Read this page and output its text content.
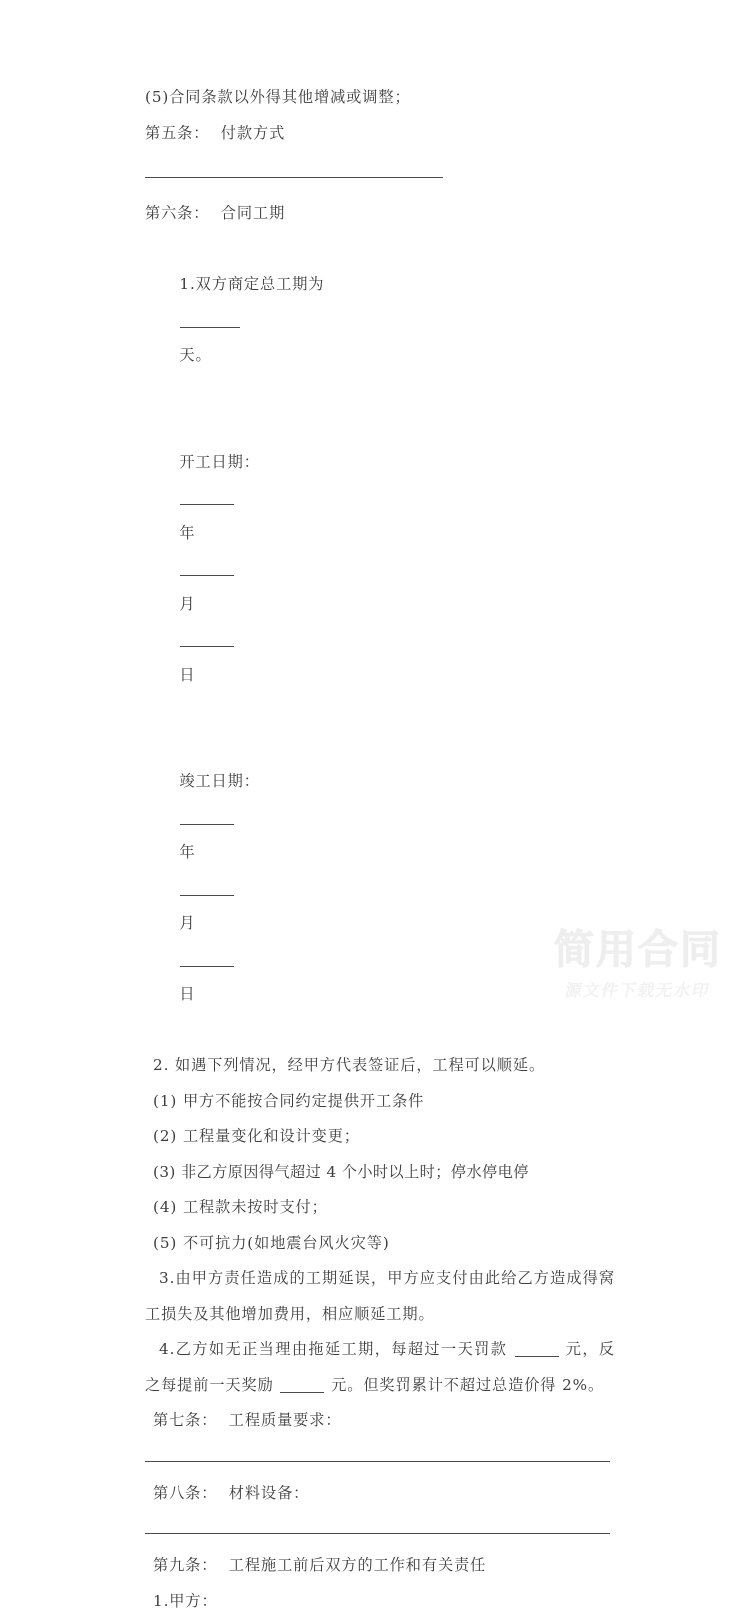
(5)合同条款以外得其他增减或调整；
第五条：  付款方式
第六条：  合同工期

1.双方商定总工期为

天。

开工日期：

年

月

日

竣工日期：

年

月

日

2. 如遇下列情况，经甲方代表签证后，工程可以顺延。
(1) 甲方不能按合同约定提供开工条件
(2) 工程量变化和设计变更；
(3) 非乙方原因得气超过 4 个小时以上时；停水停电停
(4) 工程款未按时支付；
(5) 不可抗力(如地震台风火灾等)
3.由甲方责任造成的工期延误，甲方应支付由此给乙方造成得窝工损失及其他增加费用，相应顺延工期。
4.乙方如无正当理由拖延工期，每超过一天罚款	元，反之每提前一天奖励	元。但奖罚累计不超过总造价得 2%。
第七条：  工程质量要求：
第八条：  材料设备：
第九条：  工程施工前后双方的工作和有关责任
1.甲方：
简用合同
源文件下载无水印
